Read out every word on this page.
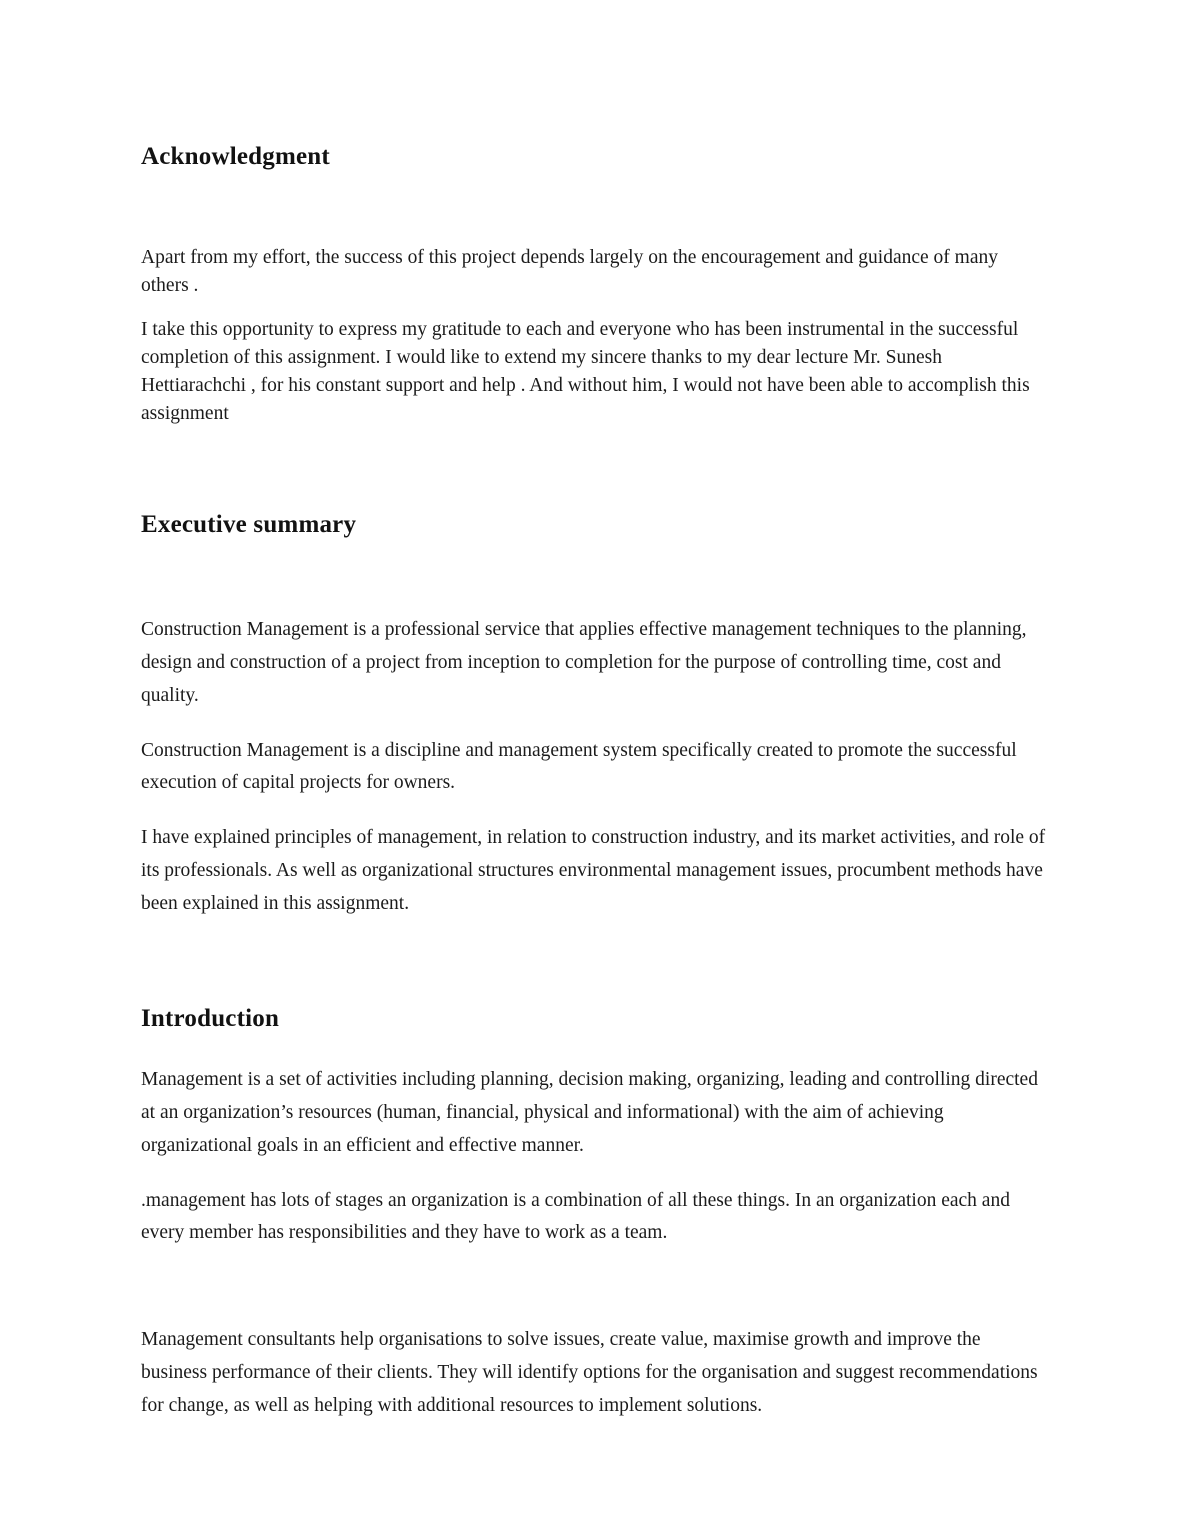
Acknowledgment

Apart from my effort, the success of this project depends largely on the encouragement and guidance of many others .

I take this opportunity to express my gratitude to each and everyone who has been instrumental in the successful completion of this assignment. I would like to extend my sincere thanks to my dear lecture Mr. Sunesh Hettiarachchi , for his constant support and help . And without him, I would not have been able to accomplish this assignment

Executive summary

Construction Management is a professional service that applies effective management techniques to the planning, design and construction of a project from inception to completion for the purpose of controlling time, cost and quality.

Construction Management is a discipline and management system specifically created to promote the successful execution of capital projects for owners.

I have explained principles of management, in relation to construction industry, and its market activities, and role of its professionals. As well as organizational structures environmental management issues, procumbent methods have been explained in this assignment.

Introduction

Management is a set of activities including planning, decision making, organizing, leading and controlling directed at an organization’s resources (human, financial, physical and informational) with the aim of achieving organizational goals in an efficient and effective manner.

.management has lots of stages an organization is a combination of all these things. In an organization each and every member has responsibilities and they have to work as a team.

Management consultants help organisations to solve issues, create value, maximise growth and improve the business performance of their clients. They will identify options for the organisation and suggest recommendations for change, as well as helping with additional resources to implement solutions.
